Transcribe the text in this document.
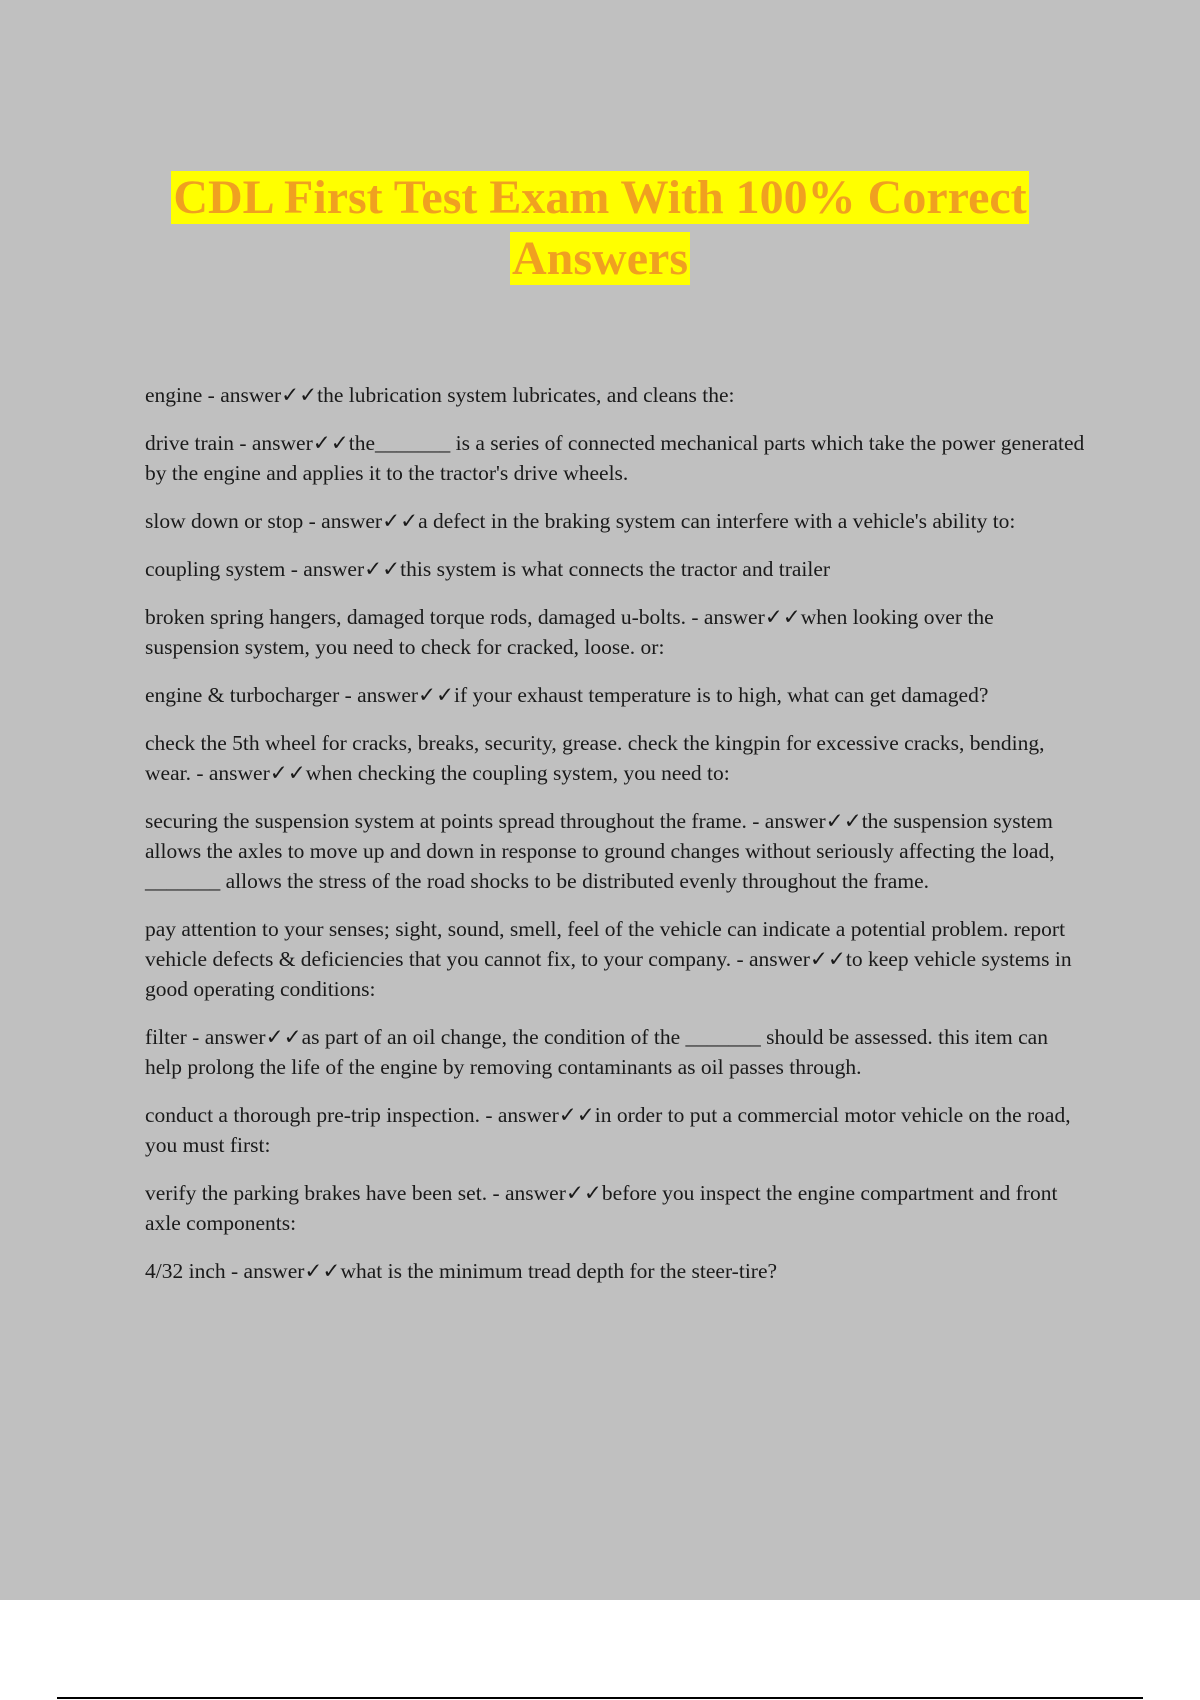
CDL First Test Exam With 100% Correct
Answers

engine - answer✓✓the lubrication system lubricates, and cleans the:

drive train - answer✓✓the_______ is a series of connected mechanical parts which take the power generated by the engine and applies it to the tractor's drive wheels.

slow down or stop - answer✓✓a defect in the braking system can interfere with a vehicle's ability to:

coupling system - answer✓✓this system is what connects the tractor and trailer

broken spring hangers, damaged torque rods, damaged u-bolts. - answer✓✓when looking over the suspension system, you need to check for cracked, loose. or:

engine & turbocharger - answer✓✓if your exhaust temperature is to high, what can get damaged?

check the 5th wheel for cracks, breaks, security, grease. check the kingpin for excessive cracks, bending, wear. - answer✓✓when checking the coupling system, you need to:

securing the suspension system at points spread throughout the frame. - answer✓✓the suspension system allows the axles to move up and down in response to ground changes without seriously affecting the load, _______ allows the stress of the road shocks to be distributed evenly throughout the frame.

pay attention to your senses; sight, sound, smell, feel of the vehicle can indicate a potential problem. report vehicle defects & deficiencies that you cannot fix, to your company. - answer✓✓to keep vehicle systems in good operating conditions:

filter - answer✓✓as part of an oil change, the condition of the _______ should be assessed. this item can help prolong the life of the engine by removing contaminants as oil passes through.

conduct a thorough pre-trip inspection. - answer✓✓in order to put a commercial motor vehicle on the road, you must first:

verify the parking brakes have been set. - answer✓✓before you inspect the engine compartment and front axle components:

4/32 inch - answer✓✓what is the minimum tread depth for the steer-tire?
